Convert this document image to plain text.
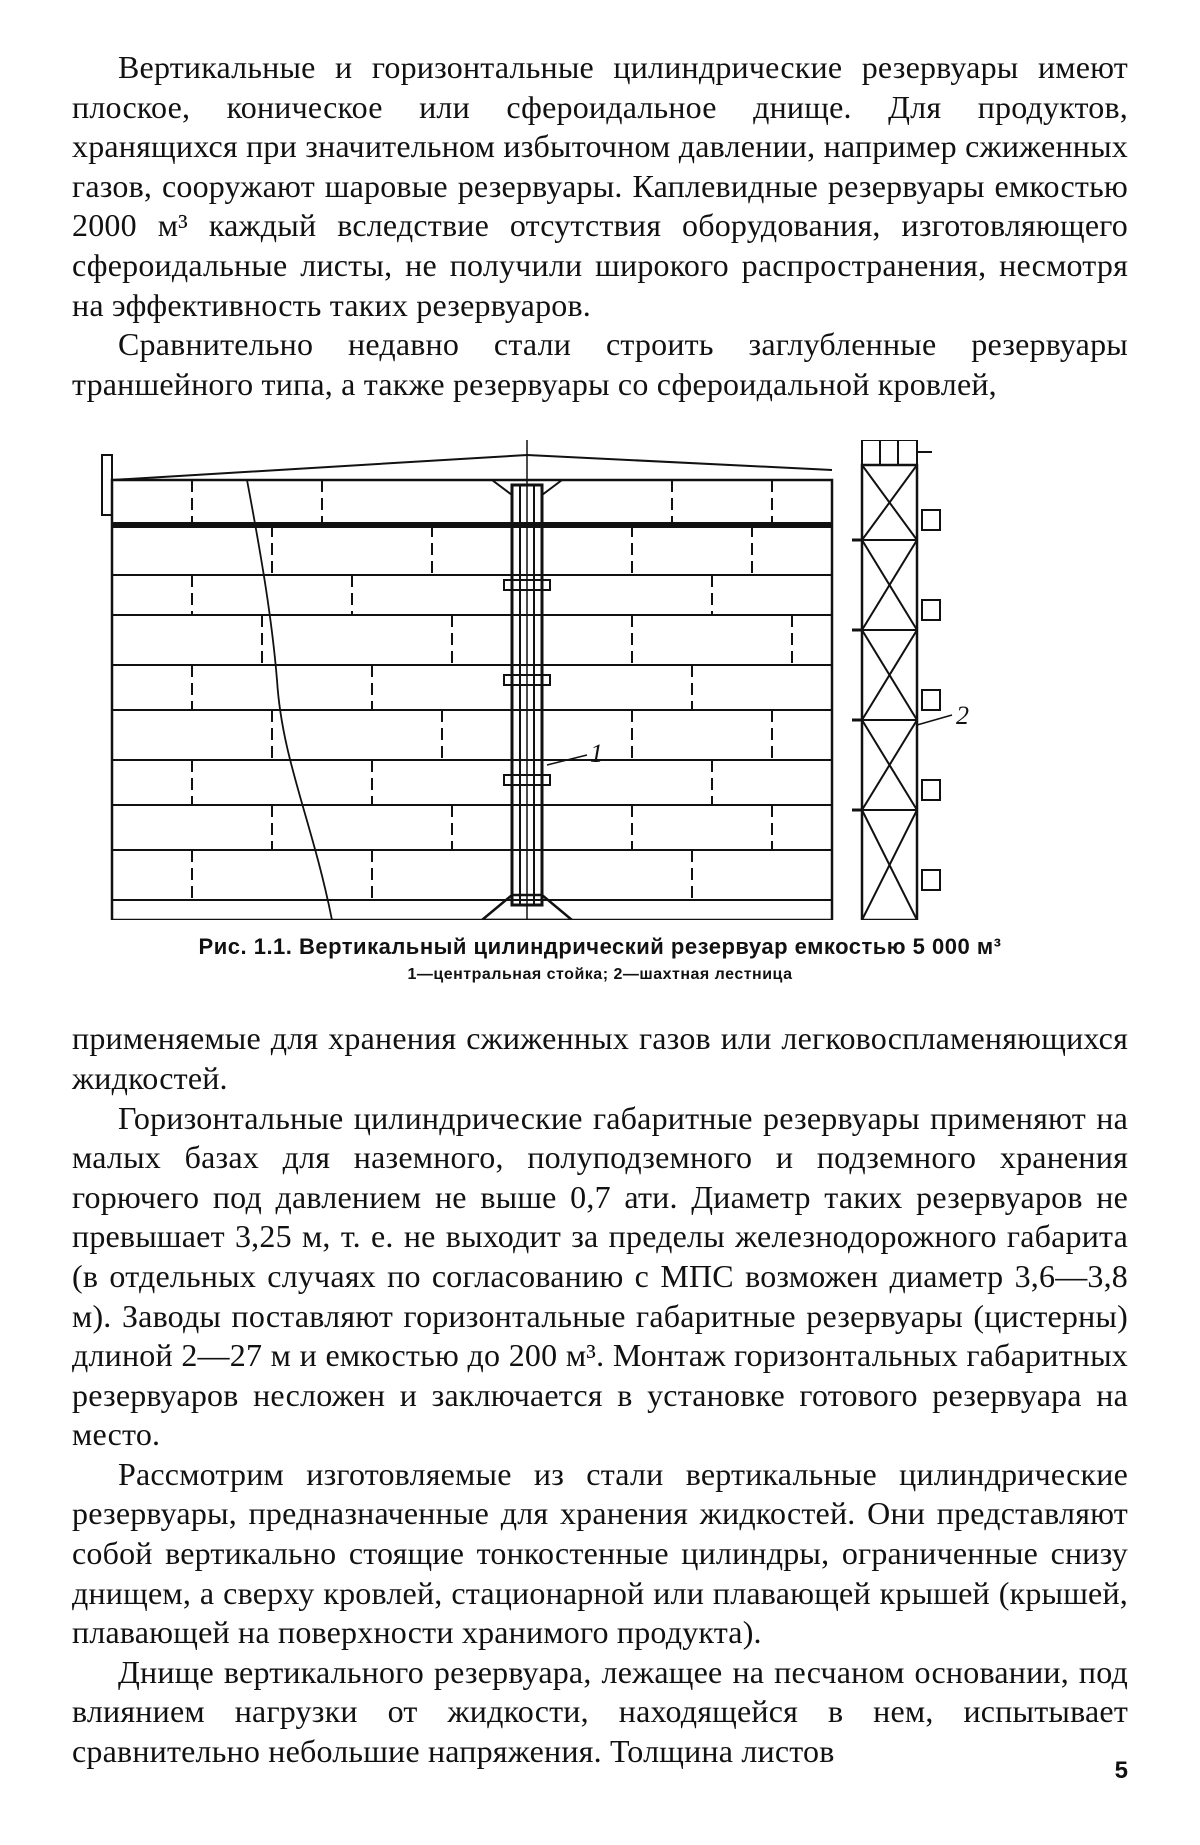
Вертикальные и горизонтальные цилиндрические резервуары имеют плоское, коническое или сфероидальное днище. Для продуктов, хранящихся при значительном избыточном давлении, например сжиженных газов, сооружают шаровые резервуары. Каплевидные резервуары емкостью 2000 м³ каждый вследствие отсутствия оборудования, изготовляющего сфероидальные листы, не получили широкого распространения, несмотря на эффективность таких резервуаров.

Сравнительно недавно стали строить заглубленные резервуары траншейного типа, а также резервуары со сфероидальной кровлей,

1
2
Рис. 1.1. Вертикальный цилиндрический резервуар емкостью 5 000 м³
1—центральная стойка; 2—шахтная лестница

применяемые для хранения сжиженных газов или легковоспламеняющихся жидкостей.

Горизонтальные цилиндрические габаритные резервуары применяют на малых базах для наземного, полуподземного и подземного хранения горючего под давлением не выше 0,7 ати. Диаметр таких резервуаров не превышает 3,25 м, т. е. не выходит за пределы железнодорожного габарита (в отдельных случаях по согласованию с МПС возможен диаметр 3,6—3,8 м). Заводы поставляют горизонтальные габаритные резервуары (цистерны) длиной 2—27 м и емкостью до 200 м³. Монтаж горизонтальных габаритных резервуаров несложен и заключается в установке готового резервуара на место.

Рассмотрим изготовляемые из стали вертикальные цилиндрические резервуары, предназначенные для хранения жидкостей. Они представляют собой вертикально стоящие тонкостенные цилиндры, ограниченные снизу днищем, а сверху кровлей, стационарной или плавающей крышей (крышей, плавающей на поверхности хранимого продукта).

Днище вертикального резервуара, лежащее на песчаном основании, под влиянием нагрузки от жидкости, находящейся в нем, испытывает сравнительно небольшие напряжения. Толщина листов

5
